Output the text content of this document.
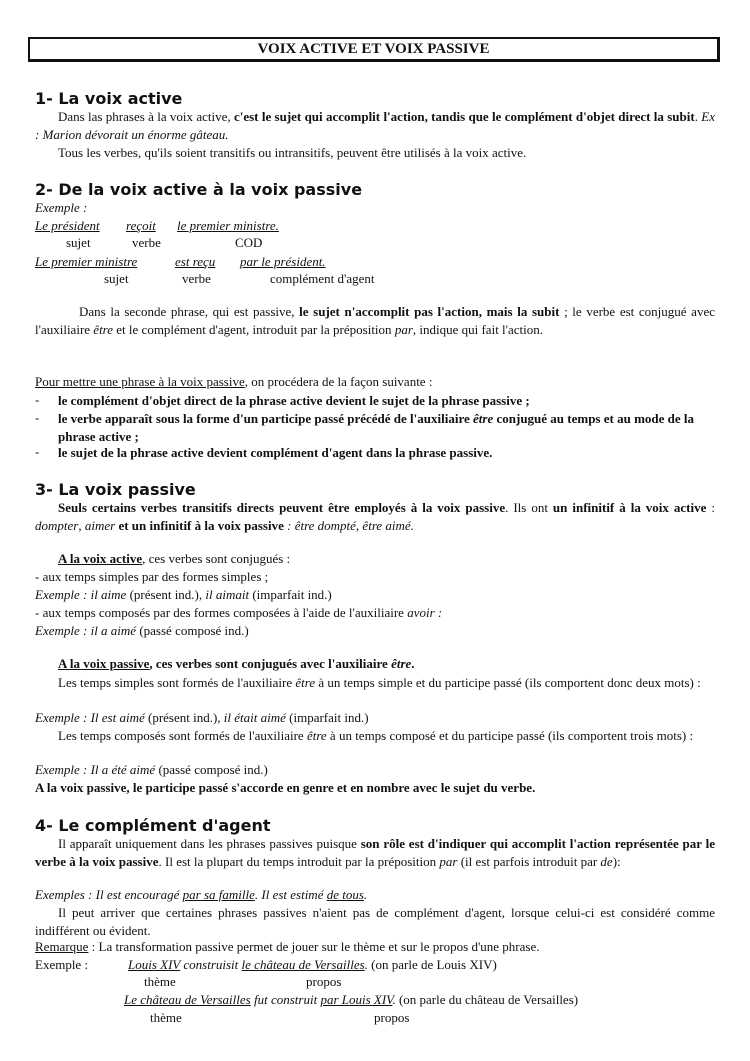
VOIX ACTIVE ET VOIX PASSIVE
1- La voix active
Dans las phrases à la voix active, c'est le sujet qui accomplit l'action, tandis que le complément d'objet direct la subit. Ex : Marion dévorait un énorme gâteau.
Tous les verbes, qu'ils soient transitifs ou intransitifs, peuvent être utilisés à la voix active.
2- De la voix active à la voix passive
Exemple :
Le président reçoit le premier ministre.
sujet	verbe	COD
Le premier ministre	est reçu par le président.
sujet	verbe	complément d'agent
Dans la seconde phrase, qui est passive, le sujet n'accomplit pas l'action, mais la subit ; le verbe est conjugué avec l'auxiliaire être et le complément d'agent, introduit par la préposition par, indique qui fait l'action.
Pour mettre une phrase à la voix passive, on procédera de la façon suivante :
- le complément d'objet direct de la phrase active devient le sujet de la phrase passive ;
- le verbe apparaît sous la forme d'un participe passé précédé de l'auxiliaire être conjugué au temps et au mode de la phrase active ;
- le sujet de la phrase active devient complément d'agent dans la phrase passive.
3- La voix passive
Seuls certains verbes transitifs directs peuvent être employés à la voix passive. Ils ont un infinitif à la voix active : dompter, aimer et un infinitif à la voix passive : être dompté, être aimé.
A la voix active, ces verbes sont conjugués :
- aux temps simples par des formes simples ;
Exemple : il aime (présent ind.), il aimait (imparfait ind.)
- aux temps composés par des formes composées à l'aide de l'auxiliaire avoir :
Exemple : il a aimé (passé composé ind.)
A la voix passive, ces verbes sont conjugués avec l'auxiliaire être.
Les temps simples sont formés de l'auxiliaire être à un temps simple et du participe passé (ils comportent donc deux mots) :
Exemple : Il est aimé (présent ind.), il était aimé (imparfait ind.)
Les temps composés sont formés de l'auxiliaire être à un temps composé et du participe passé (ils comportent trois mots) :
Exemple : Il a été aimé (passé composé ind.)
A la voix passive, le participe passé s'accorde en genre et en nombre avec le sujet du verbe.
4- Le complément d'agent
Il apparaît uniquement dans les phrases passives puisque son rôle est d'indiquer qui accomplit l'action représentée par le verbe à la voix passive. Il est la plupart du temps introduit par la préposition par (il est parfois introduit par de):
Exemples : Il est encouragé par sa famille. Il est estimé de tous.
Il peut arriver que certaines phrases passives n'aient pas de complément d'agent, lorsque celui-ci est considéré comme indifférent ou évident.
Remarque : La transformation passive permet de jouer sur le thème et sur le propos d'une phrase.
Exemple :	Louis XIV construisit le château de Versailles. (on parle de Louis XIV)
thème	propos
Le château de Versailles fut construit par Louis XIV. (on parle du château de Versailles)
thème	propos
